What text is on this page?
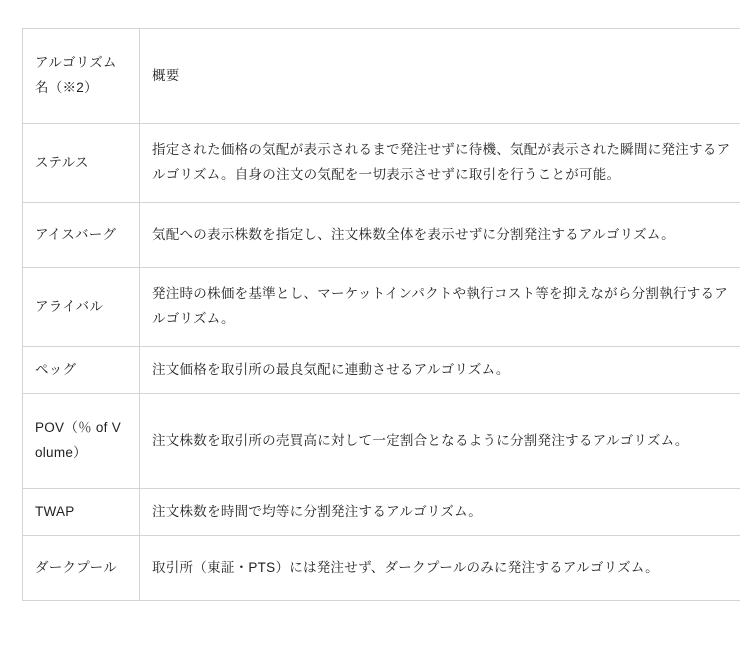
アルゴリズム名（※2）	概要
ステルス	指定された価格の気配が表示されるまで発注せずに待機、気配が表示された瞬間に発注するアルゴリズム。自身の注文の気配を一切表示させずに取引を行うことが可能。
アイスバーグ	気配への表示株数を指定し、注文株数全体を表示せずに分割発注するアルゴリズム。
アライバル	発注時の株価を基準とし、マーケットインパクトや執行コスト等を抑えながら分割執行するアルゴリズム。
ペッグ	注文価格を取引所の最良気配に連動させるアルゴリズム。
POV（％ of Volume）	注文株数を取引所の売買高に対して一定割合となるように分割発注するアルゴリズム。
TWAP	注文株数を時間で均等に分割発注するアルゴリズム。
ダークプール	取引所（東証・PTS）には発注せず、ダークプールのみに発注するアルゴリズム。
